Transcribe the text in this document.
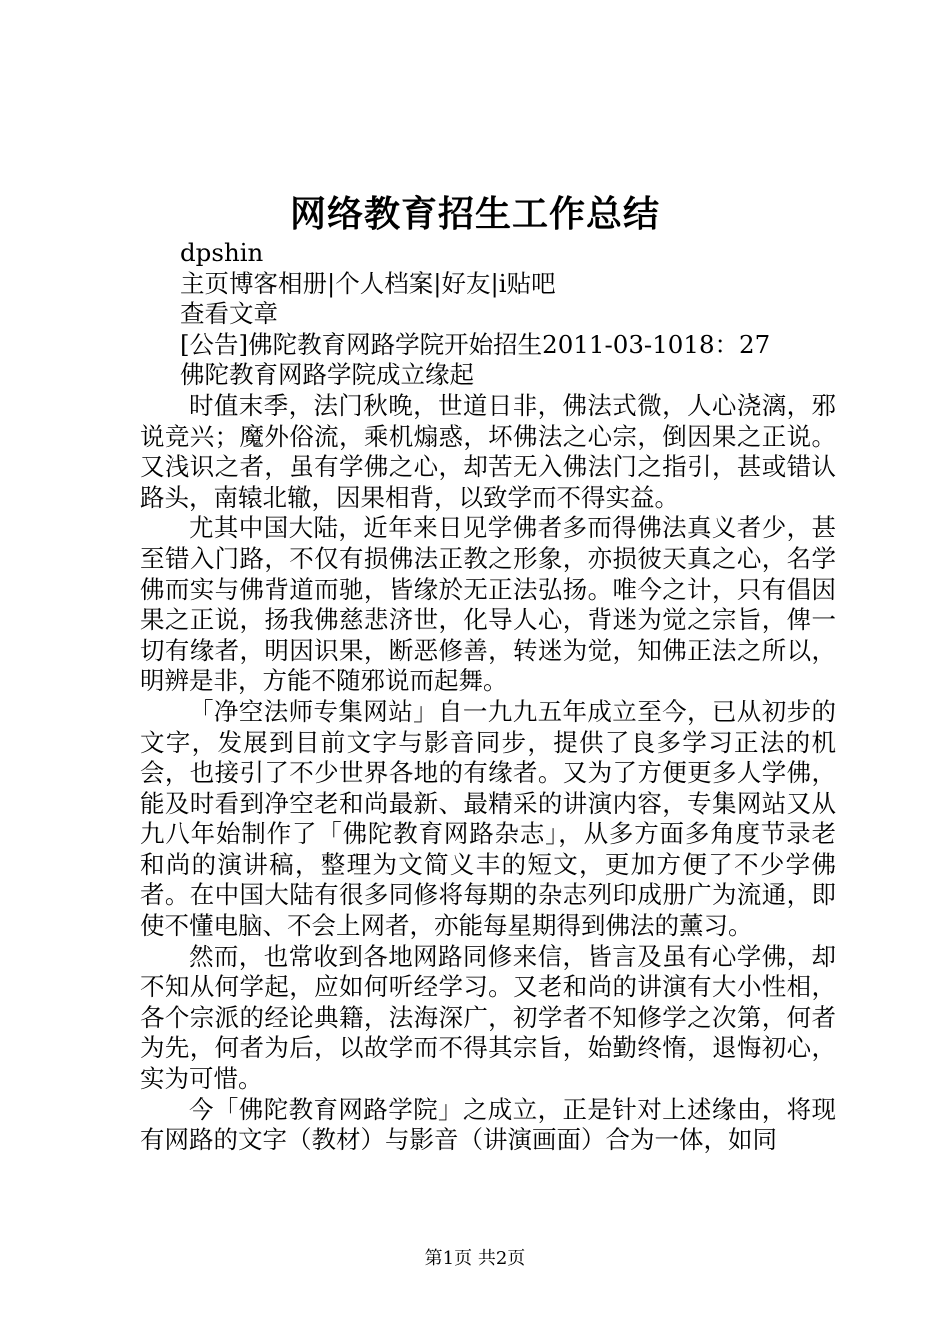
网络教育招生工作总结

dpshin

主页博客相册|个人档案|好友|i贴吧

查看文章

[公告]佛陀教育网路学院开始招生2011-03-1018：27

佛陀教育网路学院成立缘起

时值末季，法门秋晚，世道日非，佛法式微，人心浇漓，邪说竞兴；魔外俗流，乘机煽惑，坏佛法之心宗，倒因果之正说。又浅识之者，虽有学佛之心，却苦无入佛法门之指引，甚或错认路头，南辕北辙，因果相背，以致学而不得实益。

尤其中国大陆，近年来日见学佛者多而得佛法真义者少，甚至错入门路，不仅有损佛法正教之形象，亦损彼天真之心，名学佛而实与佛背道而驰，皆缘於无正法弘扬。唯今之计，只有倡因果之正说，扬我佛慈悲济世，化导人心，背迷为觉之宗旨，俾一切有缘者，明因识果，断恶修善，转迷为觉，知佛正法之所以，明辨是非，方能不随邪说而起舞。

「净空法师专集网站」自一九九五年成立至今，已从初步的文字，发展到目前文字与影音同步，提供了良多学习正法的机会，也接引了不少世界各地的有缘者。又为了方便更多人学佛，能及时看到净空老和尚最新、最精采的讲演内容，专集网站又从九八年始制作了「佛陀教育网路杂志」，从多方面多角度节录老和尚的演讲稿，整理为文简义丰的短文，更加方便了不少学佛者。在中国大陆有很多同修将每期的杂志列印成册广为流通，即使不懂电脑、不会上网者，亦能每星期得到佛法的薰习。

然而，也常收到各地网路同修来信，皆言及虽有心学佛，却不知从何学起，应如何听经学习。又老和尚的讲演有大小性相，各个宗派的经论典籍，法海深广，初学者不知修学之次第，何者为先，何者为后，以故学而不得其宗旨，始勤终惰，退悔初心，实为可惜。

今「佛陀教育网路学院」之成立，正是针对上述缘由，将现有网路的文字（教材）与影音（讲演画面）合为一体，如同

第1页 共2页
